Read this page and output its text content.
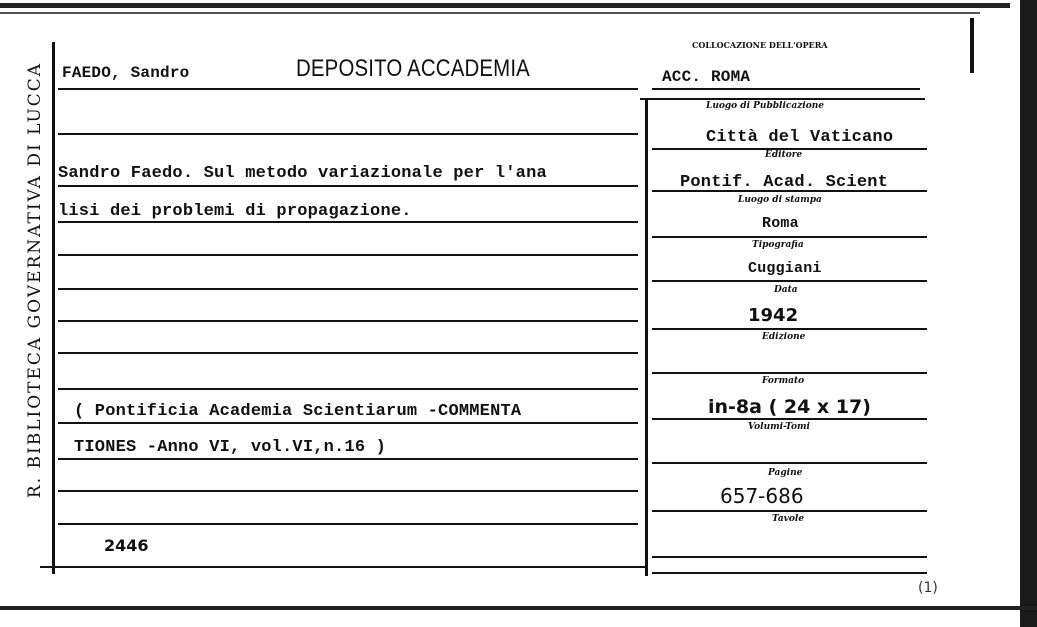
R. BIBLIOTECA GOVERNATIVA DI LUCCA FAEDO, Sandro	DEPOSITO ACCADEMIA
COLLOCAZIONE DELL'OPERA
ACC. ROMA
Sandro Faedo. Sul metodo variazionale per l'ana
lisi dei problemi di propagazione.
( Pontificia Academia Scientiarum -COMMENTA
TIONES -Anno VI, vol.VI,n.16 )
2446
Luogo di Pubblicazione
Città del Vaticano
Editore
Pontif. Acad. Scient
Luogo di stampa
Roma
Tipografia
Cuggiani
Data
1942
Edizione
Formato
in-8a ( 24 x 17)
Volumi-Tomi
Pagine
657-686
Tavole
(1)
